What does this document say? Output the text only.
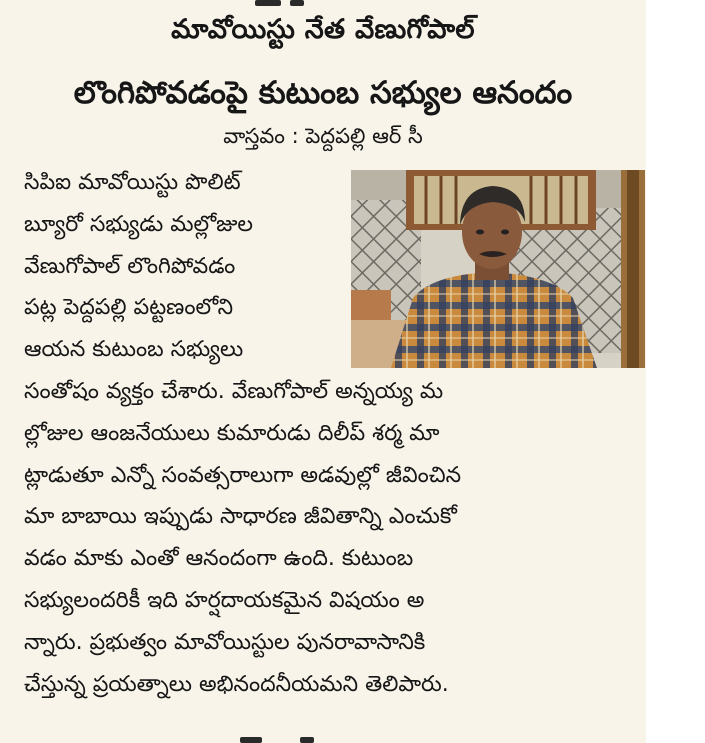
మావోయిస్టు నేత వేణుగోపాల్
లొంగిపోవడంపై కుటుంబ సభ్యుల ఆనందం
వాస్తవం : పెద్దపల్లి ఆర్ సీ
సిపిఐ మావోయిస్టు పొలిట్
బ్యూరో సభ్యుడు మల్లోజుల
వేణుగోపాల్ లొంగిపోవడం
పట్ల పెద్దపల్లి పట్టణంలోని
ఆయన కుటుంబ సభ్యులు
సంతోషం వ్యక్తం చేశారు. వేణుగోపాల్ అన్నయ్య మ
ల్లోజుల ఆంజనేయులు కుమారుడు దిలీప్ శర్మ మా
ట్లాడుతూ ఎన్నో సంవత్సరాలుగా అడవుల్లో జీవించిన
మా బాబాయి ఇప్పుడు సాధారణ జీవితాన్ని ఎంచుకో
వడం మాకు ఎంతో ఆనందంగా ఉంది. కుటుంబ
సభ్యులందరికీ ఇది హర్షదాయకమైన విషయం అ
న్నారు. ప్రభుత్వం మావోయిస్టుల పునరావాసానికి
చేస్తున్న ప్రయత్నాలు అభినందనీయమని తెలిపారు.
